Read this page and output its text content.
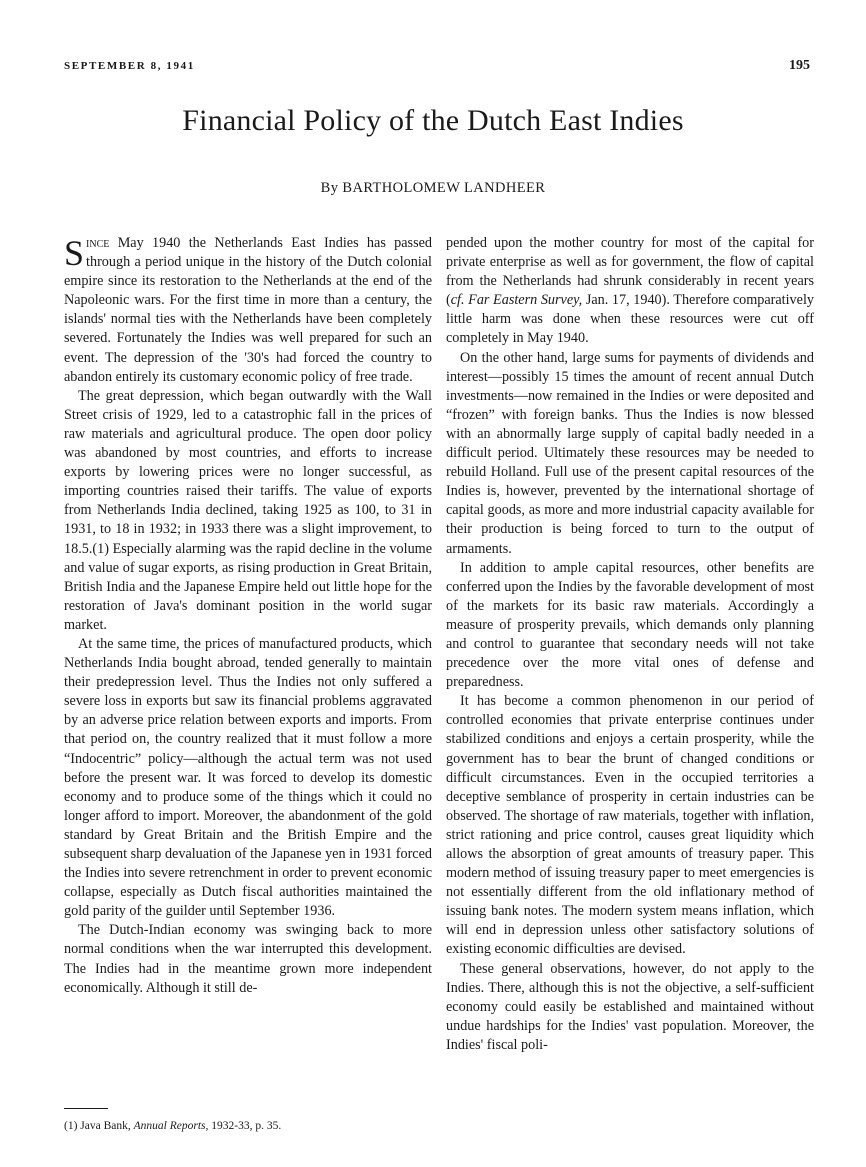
SEPTEMBER 8, 1941	195
Financial Policy of the Dutch East Indies
By BARTHOLOMEW LANDHEER

Since May 1940 the Netherlands East Indies has passed through a period unique in the history of the Dutch colonial empire since its restoration to the Netherlands at the end of the Napoleonic wars. For the first time in more than a century, the islands' normal ties with the Netherlands have been completely severed. Fortunately the Indies was well prepared for such an event. The depression of the '30's had forced the country to abandon entirely its customary economic policy of free trade.

The great depression, which began outwardly with the Wall Street crisis of 1929, led to a catastrophic fall in the prices of raw materials and agricultural produce. The open door policy was abandoned by most countries, and efforts to increase exports by lowering prices were no longer successful, as importing countries raised their tariffs. The value of exports from Netherlands India declined, taking 1925 as 100, to 31 in 1931, to 18 in 1932; in 1933 there was a slight improvement, to 18.5.(1) Especially alarming was the rapid decline in the volume and value of sugar exports, as rising production in Great Britain, British India and the Japanese Empire held out little hope for the restoration of Java's dominant position in the world sugar market.

At the same time, the prices of manufactured products, which Netherlands India bought abroad, tended generally to maintain their predepression level. Thus the Indies not only suffered a severe loss in exports but saw its financial problems aggravated by an adverse price relation between exports and imports. From that period on, the country realized that it must follow a more “Indocentric” policy—although the actual term was not used before the present war. It was forced to develop its domestic economy and to produce some of the things which it could no longer afford to import. Moreover, the abandonment of the gold standard by Great Britain and the British Empire and the subsequent sharp devaluation of the Japanese yen in 1931 forced the Indies into severe retrenchment in order to prevent economic collapse, especially as Dutch fiscal authorities maintained the gold parity of the guilder until September 1936.

The Dutch-Indian economy was swinging back to more normal conditions when the war interrupted this development. The Indies had in the meantime grown more independent economically. Although it still de-

pended upon the mother country for most of the capital for private enterprise as well as for government, the flow of capital from the Netherlands had shrunk considerably in recent years (cf. Far Eastern Survey, Jan. 17, 1940). Therefore comparatively little harm was done when these resources were cut off completely in May 1940.

On the other hand, large sums for payments of dividends and interest—possibly 15 times the amount of recent annual Dutch investments—now remained in the Indies or were deposited and “frozen” with foreign banks. Thus the Indies is now blessed with an abnormally large supply of capital badly needed in a difficult period. Ultimately these resources may be needed to rebuild Holland. Full use of the present capital resources of the Indies is, however, prevented by the international shortage of capital goods, as more and more industrial capacity available for their production is being forced to turn to the output of armaments.

In addition to ample capital resources, other benefits are conferred upon the Indies by the favorable development of most of the markets for its basic raw materials. Accordingly a measure of prosperity prevails, which demands only planning and control to guarantee that secondary needs will not take precedence over the more vital ones of defense and preparedness.

It has become a common phenomenon in our period of controlled economies that private enterprise continues under stabilized conditions and enjoys a certain prosperity, while the government has to bear the brunt of changed conditions or difficult circumstances. Even in the occupied territories a deceptive semblance of prosperity in certain industries can be observed. The shortage of raw materials, together with inflation, strict rationing and price control, causes great liquidity which allows the absorption of great amounts of treasury paper. This modern method of issuing treasury paper to meet emergencies is not essentially different from the old inflationary method of issuing bank notes. The modern system means inflation, which will end in depression unless other satisfactory solutions of existing economic difficulties are devised.

These general observations, however, do not apply to the Indies. There, although this is not the objective, a self-sufficient economy could easily be established and maintained without undue hardships for the Indies' vast population. Moreover, the Indies' fiscal poli-

(1) Java Bank, Annual Reports, 1932-33, p. 35.
